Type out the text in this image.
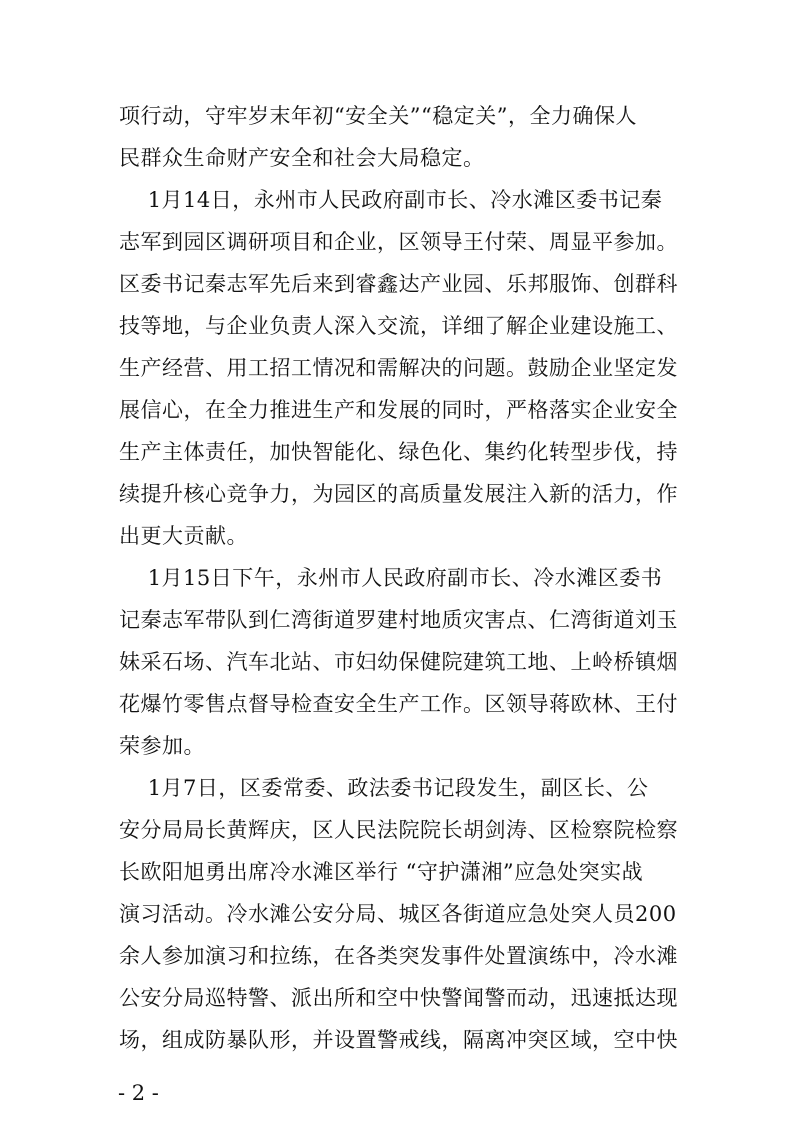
项行动，守牢岁末年初“安全关”“稳定关”，全力确保人
民群众生命财产安全和社会大局稳定。
1月14日，永州市人民政府副市长、冷水滩区委书记秦
志军到园区调研项目和企业，区领导王付荣、周显平参加。
区委书记秦志军先后来到睿鑫达产业园、乐邦服饰、创群科
技等地，与企业负责人深入交流，详细了解企业建设施工、
生产经营、用工招工情况和需解决的问题。鼓励企业坚定发
展信心，在全力推进生产和发展的同时，严格落实企业安全
生产主体责任，加快智能化、绿色化、集约化转型步伐，持
续提升核心竞争力，为园区的高质量发展注入新的活力，作
出更大贡献。
1月15日下午，永州市人民政府副市长、冷水滩区委书
记秦志军带队到仁湾街道罗建村地质灾害点、仁湾街道刘玉
妹采石场、汽车北站、市妇幼保健院建筑工地、上岭桥镇烟
花爆竹零售点督导检查安全生产工作。区领导蒋欧林、王付
荣参加。
1月7日，区委常委、政法委书记段发生，副区长、公
安分局局长黄辉庆，区人民法院院长胡剑涛、区检察院检察
长欧阳旭勇出席冷水滩区举行 “守护潇湘”应急处突实战
演习活动。冷水滩公安分局、城区各街道应急处突人员200
余人参加演习和拉练，在各类突发事件处置演练中，冷水滩
公安分局巡特警、派出所和空中快警闻警而动，迅速抵达现
场，组成防暴队形，并设置警戒线，隔离冲突区域，空中快
- 2 -
